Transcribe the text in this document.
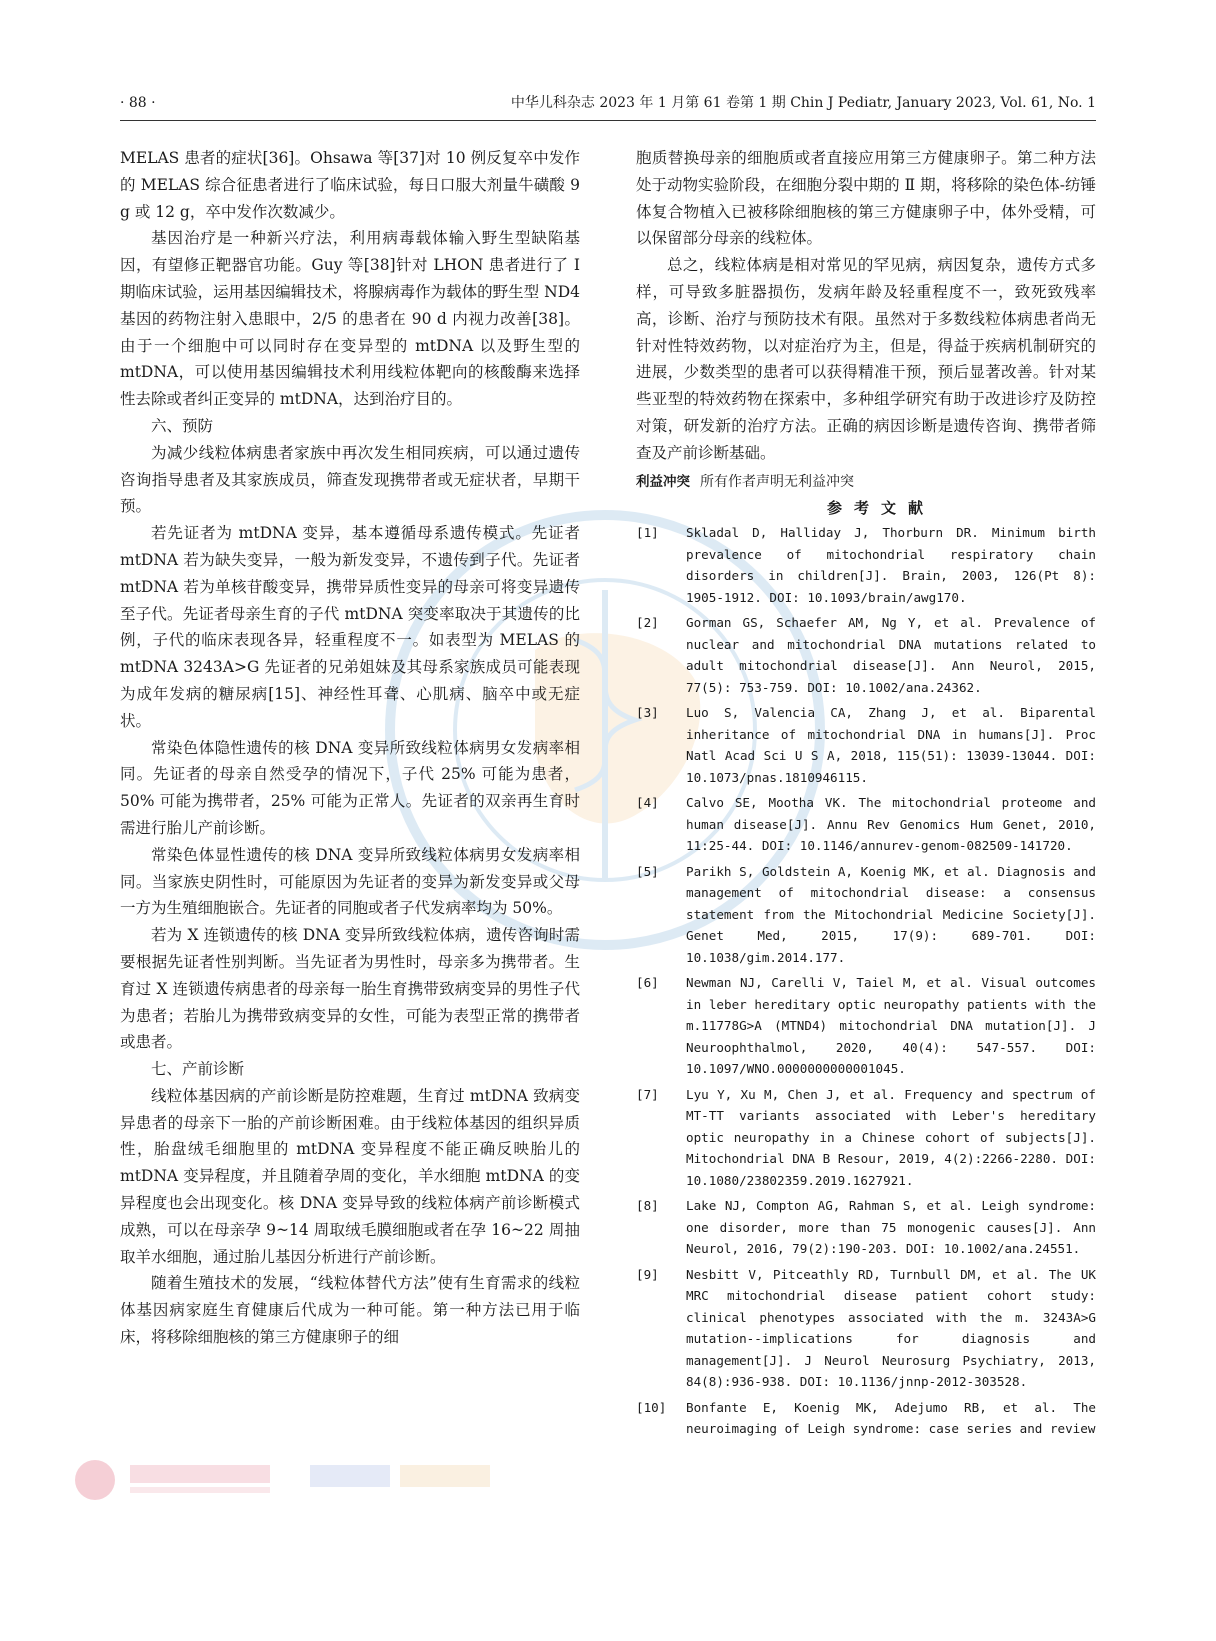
· 88 ·	中华儿科杂志 2023 年 1 月第 61 卷第 1 期 Chin J Pediatr, January 2023, Vol. 61, No. 1

MELAS 患者的症状[36]。Ohsawa 等[37]对 10 例反复卒中发作的 MELAS 综合征患者进行了临床试验，每日口服大剂量牛磺酸 9 g 或 12 g，卒中发作次数减少。

基因治疗是一种新兴疗法，利用病毒载体输入野生型缺陷基因，有望修正靶器官功能。Guy 等[38]针对 LHON 患者进行了 Ⅰ 期临床试验，运用基因编辑技术，将腺病毒作为载体的野生型 ND4 基因的药物注射入患眼中，2/5 的患者在 90 d 内视力改善[38]。由于一个细胞中可以同时存在变异型的 mtDNA 以及野生型的 mtDNA，可以使用基因编辑技术利用线粒体靶向的核酸酶来选择性去除或者纠正变异的 mtDNA，达到治疗目的。

六、预防

为减少线粒体病患者家族中再次发生相同疾病，可以通过遗传咨询指导患者及其家族成员，筛查发现携带者或无症状者，早期干预。

若先证者为 mtDNA 变异，基本遵循母系遗传模式。先证者 mtDNA 若为缺失变异，一般为新发变异，不遗传到子代。先证者 mtDNA 若为单核苷酸变异，携带异质性变异的母亲可将变异遗传至子代。先证者母亲生育的子代 mtDNA 突变率取决于其遗传的比例，子代的临床表现各异，轻重程度不一。如表型为 MELAS 的 mtDNA 3243A>G 先证者的兄弟姐妹及其母系家族成员可能表现为成年发病的糖尿病[15]、神经性耳聋、心肌病、脑卒中或无症状。

常染色体隐性遗传的核 DNA 变异所致线粒体病男女发病率相同。先证者的母亲自然受孕的情况下，子代 25% 可能为患者，50% 可能为携带者，25% 可能为正常人。先证者的双亲再生育时需进行胎儿产前诊断。

常染色体显性遗传的核 DNA 变异所致线粒体病男女发病率相同。当家族史阴性时，可能原因为先证者的变异为新发变异或父母一方为生殖细胞嵌合。先证者的同胞或者子代发病率均为 50%。

若为 X 连锁遗传的核 DNA 变异所致线粒体病，遗传咨询时需要根据先证者性别判断。当先证者为男性时，母亲多为携带者。生育过 X 连锁遗传病患者的母亲每一胎生育携带致病变异的男性子代为患者；若胎儿为携带致病变异的女性，可能为表型正常的携带者或患者。

七、产前诊断

线粒体基因病的产前诊断是防控难题，生育过 mtDNA 致病变异患者的母亲下一胎的产前诊断困难。由于线粒体基因的组织异质性，胎盘绒毛细胞里的 mtDNA 变异程度不能正确反映胎儿的 mtDNA 变异程度，并且随着孕周的变化，羊水细胞 mtDNA 的变异程度也会出现变化。核 DNA 变异导致的线粒体病产前诊断模式成熟，可以在母亲孕 9~14 周取绒毛膜细胞或者在孕 16~22 周抽取羊水细胞，通过胎儿基因分析进行产前诊断。

随着生殖技术的发展，“线粒体替代方法”使有生育需求的线粒体基因病家庭生育健康后代成为一种可能。第一种方法已用于临床，将移除细胞核的第三方健康卵子的细

胞质替换母亲的细胞质或者直接应用第三方健康卵子。第二种方法处于动物实验阶段，在细胞分裂中期的 Ⅱ 期，将移除的染色体-纺锤体复合物植入已被移除细胞核的第三方健康卵子中，体外受精，可以保留部分母亲的线粒体。

总之，线粒体病是相对常见的罕见病，病因复杂，遗传方式多样，可导致多脏器损伤，发病年龄及轻重程度不一，致死致残率高，诊断、治疗与预防技术有限。虽然对于多数线粒体病患者尚无针对性特效药物，以对症治疗为主，但是，得益于疾病机制研究的进展，少数类型的患者可以获得精准干预，预后显著改善。针对某些亚型的特效药物在探索中，多种组学研究有助于改进诊疗及防控对策，研发新的治疗方法。正确的病因诊断是遗传咨询、携带者筛查及产前诊断基础。

利益冲突 所有作者声明无利益冲突

参考文献

[1]	Skladal D, Halliday J, Thorburn DR. Minimum birth prevalence of mitochondrial respiratory chain disorders in children[J]. Brain, 2003, 126(Pt 8): 1905-1912. DOI: 10.1093/brain/awg170.
[2]	Gorman GS, Schaefer AM, Ng Y, et al. Prevalence of nuclear and mitochondrial DNA mutations related to adult mitochondrial disease[J]. Ann Neurol, 2015, 77(5): 753-759. DOI: 10.1002/ana.24362.
[3]	Luo S, Valencia CA, Zhang J, et al. Biparental inheritance of mitochondrial DNA in humans[J]. Proc Natl Acad Sci U S A, 2018, 115(51): 13039-13044. DOI: 10.1073/pnas.1810946115.
[4]	Calvo SE, Mootha VK. The mitochondrial proteome and human disease[J]. Annu Rev Genomics Hum Genet, 2010, 11:25-44. DOI: 10.1146/annurev-genom-082509-141720.
[5]	Parikh S, Goldstein A, Koenig MK, et al. Diagnosis and management of mitochondrial disease: a consensus statement from the Mitochondrial Medicine Society[J]. Genet Med, 2015, 17(9): 689-701. DOI: 10.1038/gim.2014.177.
[6]	Newman NJ, Carelli V, Taiel M, et al. Visual outcomes in leber hereditary optic neuropathy patients with the m.11778G>A (MTND4) mitochondrial DNA mutation[J]. J Neuroophthalmol, 2020, 40(4): 547-557. DOI: 10.1097/WNO.0000000000001045.
[7]	Lyu Y, Xu M, Chen J, et al. Frequency and spectrum of MT-TT variants associated with Leber's hereditary optic neuropathy in a Chinese cohort of subjects[J]. Mitochondrial DNA B Resour, 2019, 4(2):2266-2280. DOI: 10.1080/23802359.2019.1627921.
[8]	Lake NJ, Compton AG, Rahman S, et al. Leigh syndrome: one disorder, more than 75 monogenic causes[J]. Ann Neurol, 2016, 79(2):190-203. DOI: 10.1002/ana.24551.
[9]	Nesbitt V, Pitceathly RD, Turnbull DM, et al. The UK MRC mitochondrial disease patient cohort study: clinical phenotypes associated with the m. 3243A>G mutation--implications for diagnosis and management[J]. J Neurol Neurosurg Psychiatry, 2013, 84(8):936-938. DOI: 10.1136/jnnp-2012-303528.
[10]	Bonfante E, Koenig MK, Adejumo RB, et al. The neuroimaging of Leigh syndrome: case series and review
